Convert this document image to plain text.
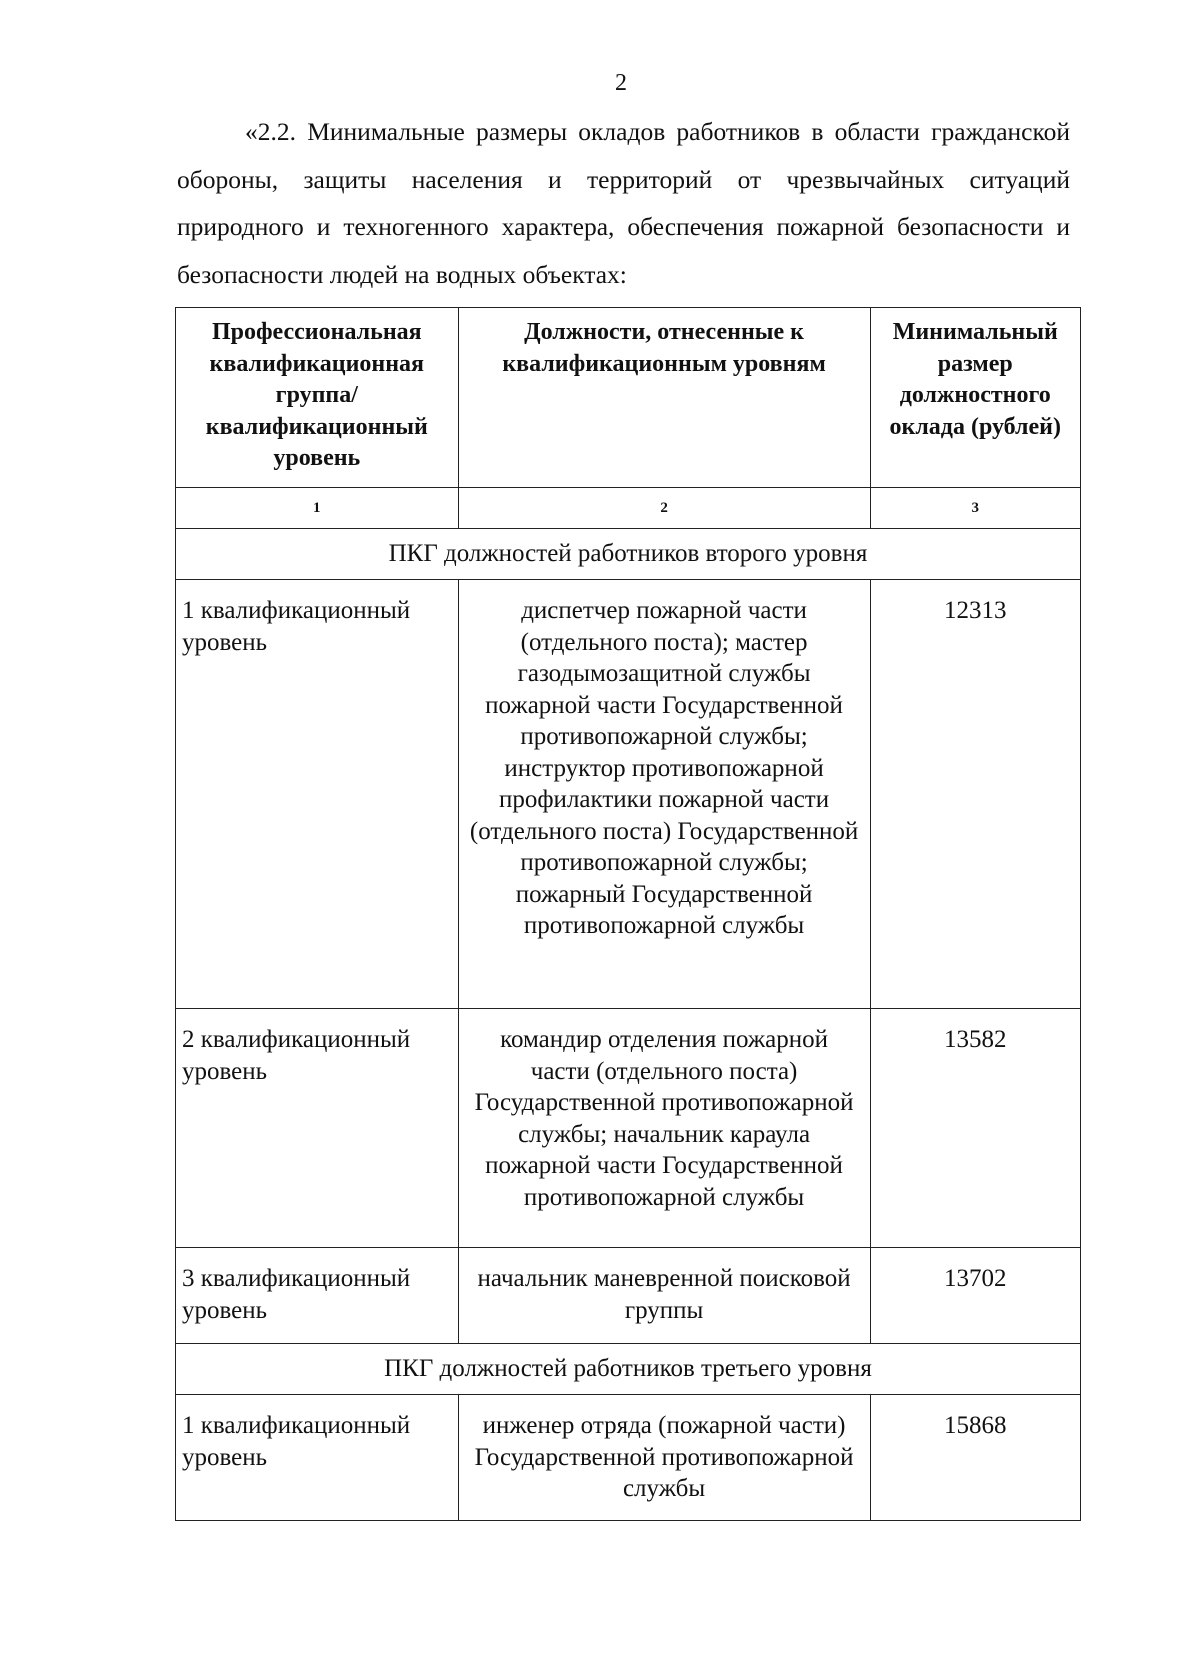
2

«2.2. Минимальные размеры окладов работников в области гражданской обороны, защиты населения и территорий от чрезвычайных ситуаций природного и техногенного характера, обеспечения пожарной безопасности и безопасности людей на водных объектах:

Профессиональная квалификационная группа/ квалификационный уровень	Должности, отнесенные к квалификационным уровням	Минимальный размер должностного оклада (рублей)
1	2	3
ПКГ должностей работников второго уровня		
1 квалификационный уровень	диспетчер пожарной части (отдельного поста); мастер газодымозащитной службы пожарной части Государственной противопожарной службы; инструктор противопожарной профилактики пожарной части (отдельного поста) Государственной противопожарной службы; пожарный Государственной противопожарной службы	12313
2 квалификационный уровень	командир отделения пожарной части (отдельного поста) Государственной противопожарной службы; начальник караула пожарной части Государственной противопожарной службы	13582
3 квалификационный уровень	начальник маневренной поисковой группы	13702
ПКГ должностей работников третьего уровня		
1 квалификационный уровень	инженер отряда (пожарной части) Государственной противопожарной службы	15868
